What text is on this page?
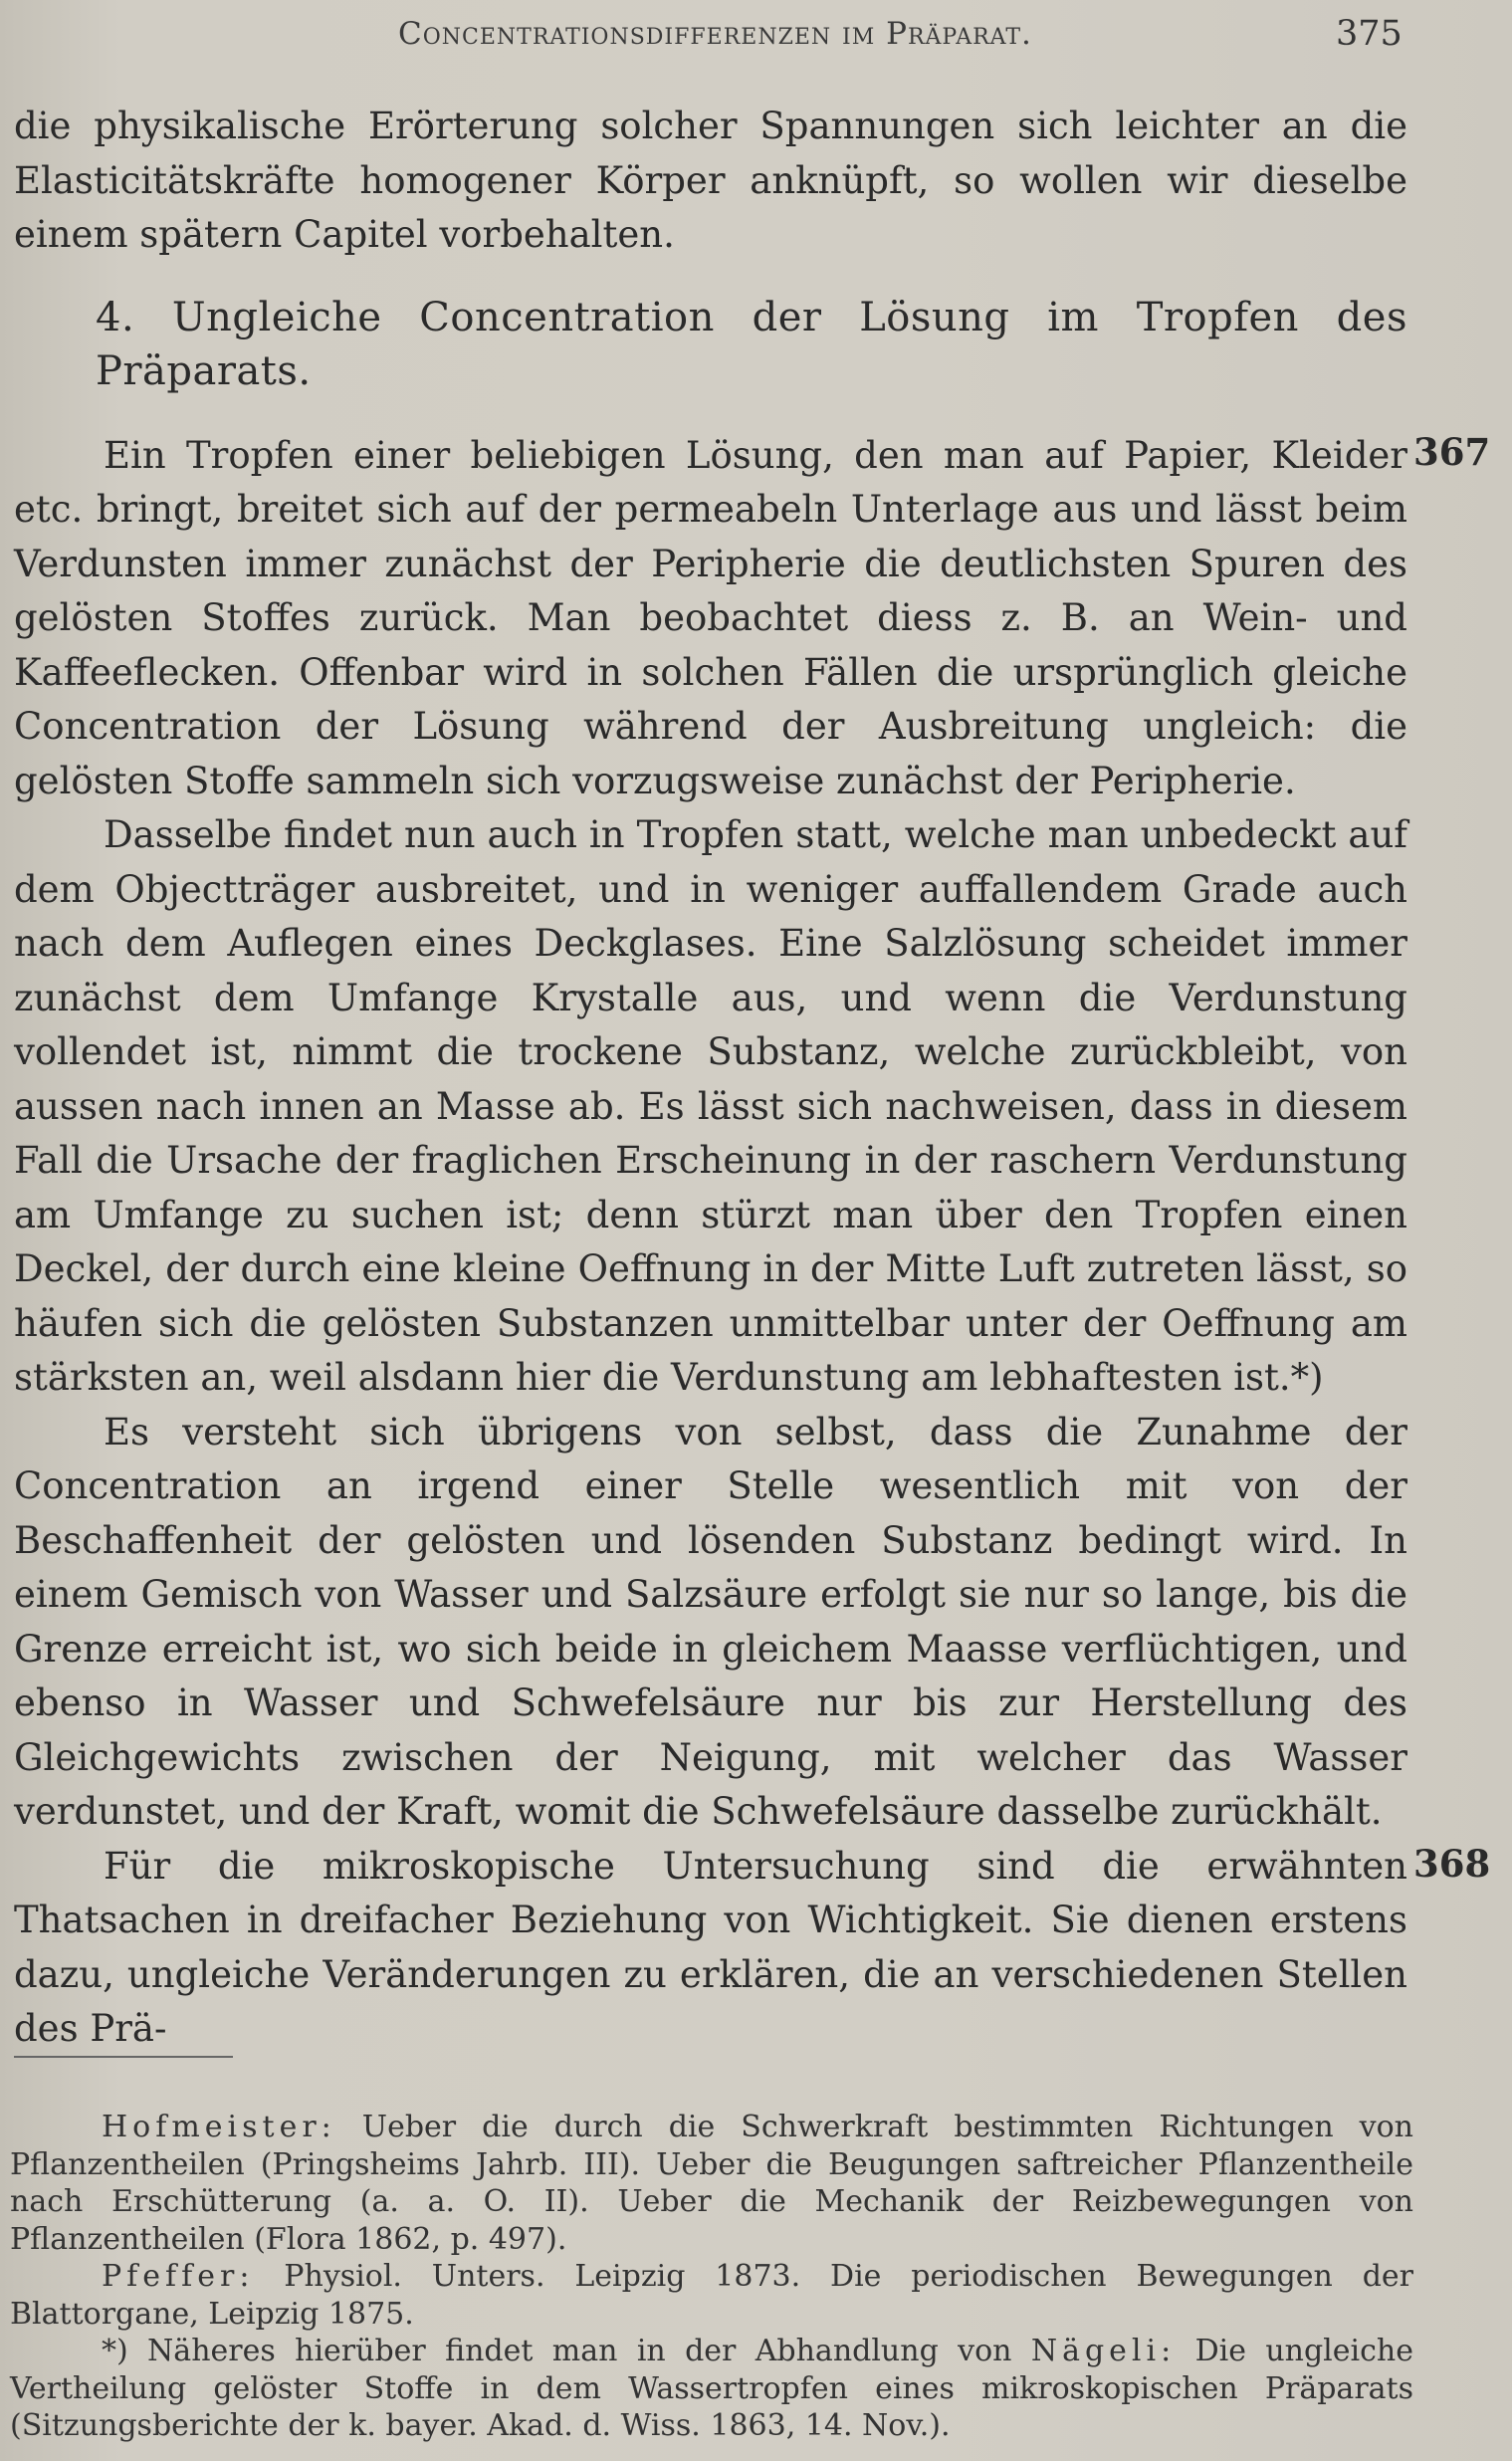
Concentrationsdifferenzen im Präparat.	375

die physikalische Erörterung solcher Spannungen sich leichter an die Elasticitätskräfte homogener Körper anknüpft, so wollen wir dieselbe einem spätern Capitel vorbehalten.

4. Ungleiche Concentration der Lösung im Tropfen des Präparats.

Ein Tropfen einer beliebigen Lösung, den man auf Papier, Kleider etc. bringt, breitet sich auf der permeabeln Unterlage aus und lässt beim Verdunsten immer zunächst der Peripherie die deutlichsten Spuren des gelösten Stoffes zurück. Man beobachtet diess z. B. an Wein- und Kaffeeflecken. Offenbar wird in solchen Fällen die ursprünglich gleiche Concentration der Lösung während der Ausbreitung ungleich: die gelösten Stoffe sammeln sich vorzugsweise zunächst der Peripherie.

Dasselbe findet nun auch in Tropfen statt, welche man unbedeckt auf dem Objectträger ausbreitet, und in weniger auffallendem Grade auch nach dem Auflegen eines Deckglases. Eine Salzlösung scheidet immer zunächst dem Umfange Krystalle aus, und wenn die Verdunstung vollendet ist, nimmt die trockene Substanz, welche zurückbleibt, von aussen nach innen an Masse ab. Es lässt sich nachweisen, dass in diesem Fall die Ursache der fraglichen Erscheinung in der raschern Verdunstung am Umfange zu suchen ist; denn stürzt man über den Tropfen einen Deckel, der durch eine kleine Oeffnung in der Mitte Luft zutreten lässt, so häufen sich die gelösten Substanzen unmittelbar unter der Oeffnung am stärksten an, weil alsdann hier die Verdunstung am lebhaftesten ist.*)

Es versteht sich übrigens von selbst, dass die Zunahme der Concentration an irgend einer Stelle wesentlich mit von der Beschaffenheit der gelösten und lösenden Substanz bedingt wird. In einem Gemisch von Wasser und Salzsäure erfolgt sie nur so lange, bis die Grenze erreicht ist, wo sich beide in gleichem Maasse verflüchtigen, und ebenso in Wasser und Schwefelsäure nur bis zur Herstellung des Gleichgewichts zwischen der Neigung, mit welcher das Wasser verdunstet, und der Kraft, womit die Schwefelsäure dasselbe zurückhält.

Für die mikroskopische Untersuchung sind die erwähnten Thatsachen in dreifacher Beziehung von Wichtigkeit. Sie dienen erstens dazu, ungleiche Veränderungen zu erklären, die an verschiedenen Stellen des Prä-

367
368

Hofmeister: Ueber die durch die Schwerkraft bestimmten Richtungen von Pflanzentheilen (Pringsheims Jahrb. III). Ueber die Beugungen saftreicher Pflanzentheile nach Erschütterung (a. a. O. II). Ueber die Mechanik der Reizbewegungen von Pflanzentheilen (Flora 1862, p. 497).

Pfeffer: Physiol. Unters. Leipzig 1873. Die periodischen Bewegungen der Blattorgane, Leipzig 1875.

*) Näheres hierüber findet man in der Abhandlung von Nägeli: Die ungleiche Vertheilung gelöster Stoffe in dem Wassertropfen eines mikroskopischen Präparats (Sitzungsberichte der k. bayer. Akad. d. Wiss. 1863, 14. Nov.).
